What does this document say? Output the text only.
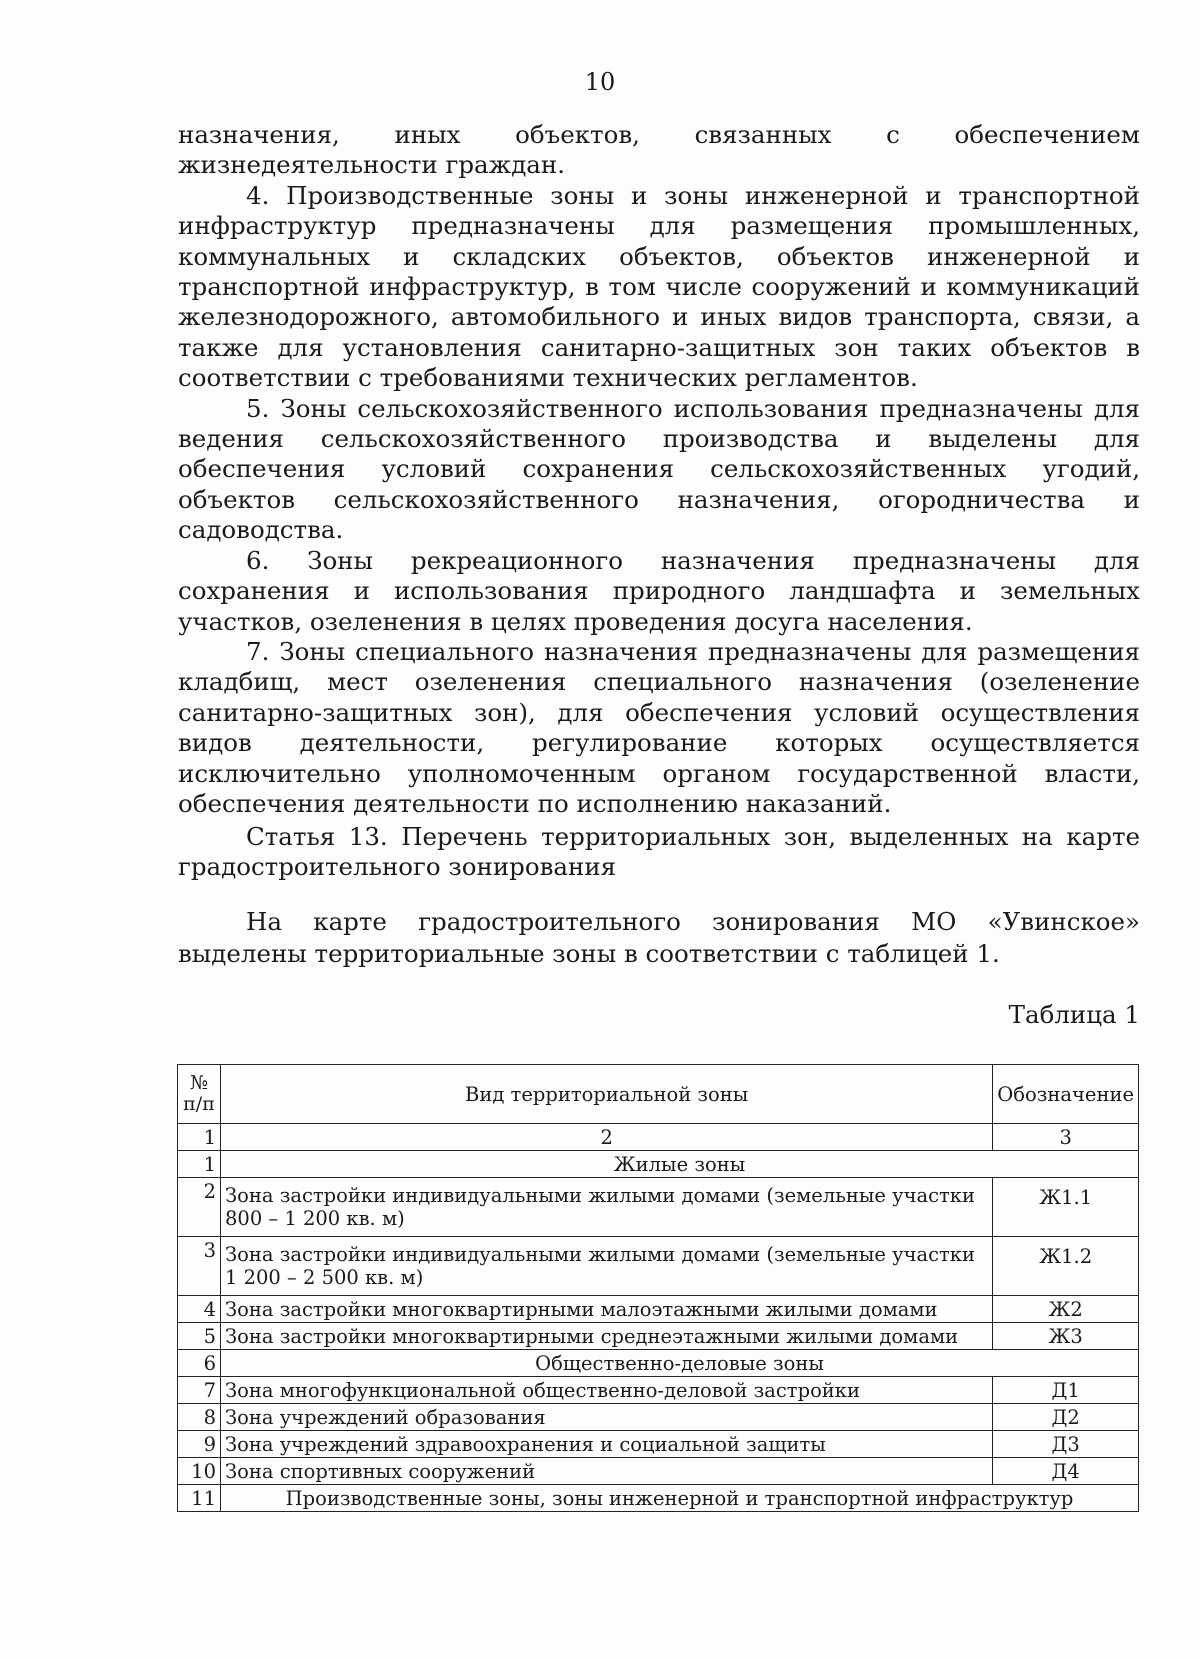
10

назначения, иных объектов, связанных с обеспечением жизнедеятельности граждан.

4. Производственные зоны и зоны инженерной и транспортной инфраструктур предназначены для размещения промышленных, коммунальных и складских объектов, объектов инженерной и транспортной инфраструктур, в том числе сооружений и коммуникаций железнодорожного, автомобильного и иных видов транспорта, связи, а также для установления санитарно-защитных зон таких объектов в соответствии с требованиями технических регламентов.

5. Зоны сельскохозяйственного использования предназначены для ведения сельскохозяйственного производства и выделены для обеспечения условий сохранения сельскохозяйственных угодий, объектов сельскохозяйственного назначения, огородничества и садоводства.

6. Зоны рекреационного назначения предназначены для сохранения и использования природного ландшафта и земельных участков, озеленения в целях проведения досуга населения.

7. Зоны специального назначения предназначены для размещения кладбищ, мест озеленения специального назначения (озеленение санитарно-защитных зон), для обеспечения условий осуществления видов деятельности, регулирование которых осуществляется исключительно уполномоченным органом государственной власти, обеспечения деятельности по исполнению наказаний.

Статья 13. Перечень территориальных зон, выделенных на карте градостроительного зонирования
На карте градостроительного зонирования МО «Увинское» выделены территориальные зоны в соответствии с таблицей 1.
Таблица 1
№ п/п	Вид территориальной зоны	Обозначение
1	2	3
1	Жилые зоны	
2	Зона застройки индивидуальными жилыми домами (земельные участки 800 – 1 200 кв. м)	Ж1.1
3	Зона застройки индивидуальными жилыми домами (земельные участки 1 200 – 2 500 кв. м)	Ж1.2
4	Зона застройки многоквартирными малоэтажными жилыми домами	Ж2
5	Зона застройки многоквартирными среднеэтажными жилыми домами	Ж3
6	Общественно-деловые зоны	
7	Зона многофункциональной общественно-деловой застройки	Д1
8	Зона учреждений образования	Д2
9	Зона учреждений здравоохранения и социальной защиты	Д3
10	Зона спортивных сооружений	Д4
11	Производственные зоны, зоны инженерной и транспортной инфраструктур	
